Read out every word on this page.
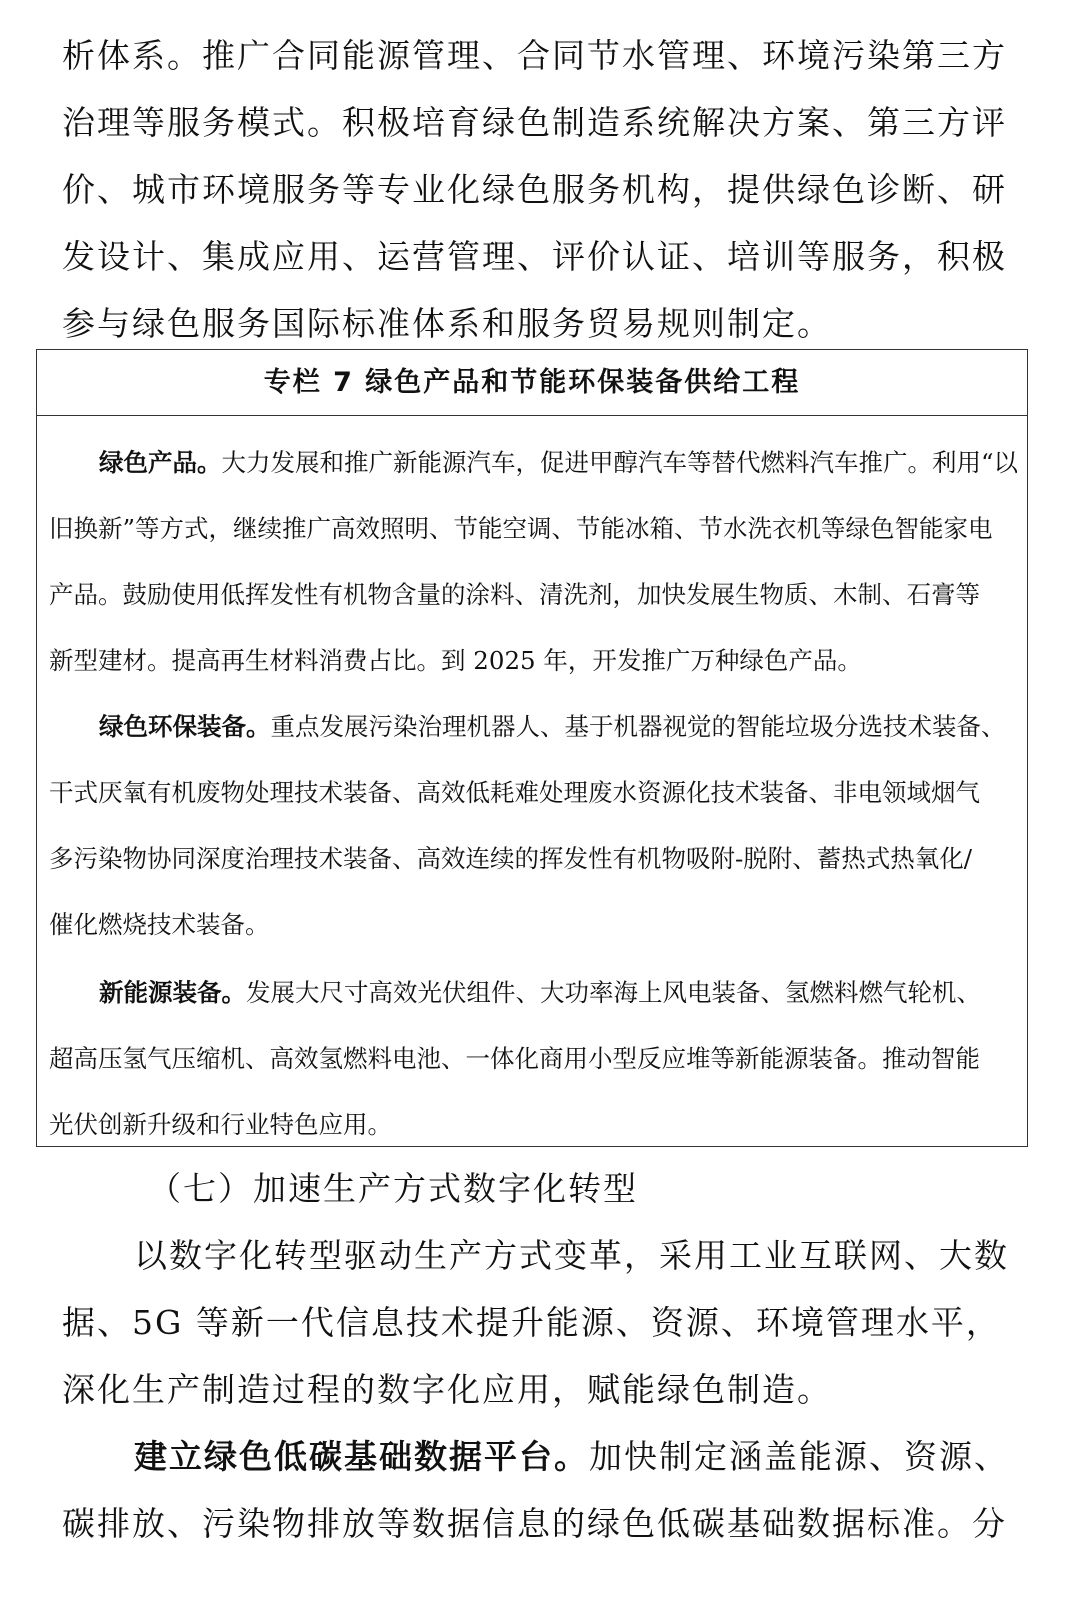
析体系。推广合同能源管理、合同节水管理、环境污染第三方
治理等服务模式。积极培育绿色制造系统解决方案、第三方评
价、城市环境服务等专业化绿色服务机构，提供绿色诊断、研
发设计、集成应用、运营管理、评价认证、培训等服务，积极
参与绿色服务国际标准体系和服务贸易规则制定。
专栏 7 绿色产品和节能环保装备供给工程
绿色产品。大力发展和推广新能源汽车，促进甲醇汽车等替代燃料汽车推广。利用“以
旧换新”等方式，继续推广高效照明、节能空调、节能冰箱、节水洗衣机等绿色智能家电
产品。鼓励使用低挥发性有机物含量的涂料、清洗剂，加快发展生物质、木制、石膏等
新型建材。提高再生材料消费占比。到 2025 年，开发推广万种绿色产品。
绿色环保装备。重点发展污染治理机器人、基于机器视觉的智能垃圾分选技术装备、
干式厌氧有机废物处理技术装备、高效低耗难处理废水资源化技术装备、非电领域烟气
多污染物协同深度治理技术装备、高效连续的挥发性有机物吸附-脱附、蓄热式热氧化/
催化燃烧技术装备。
新能源装备。发展大尺寸高效光伏组件、大功率海上风电装备、氢燃料燃气轮机、
超高压氢气压缩机、高效氢燃料电池、一体化商用小型反应堆等新能源装备。推动智能
光伏创新升级和行业特色应用。
（七）加速生产方式数字化转型
以数字化转型驱动生产方式变革，采用工业互联网、大数
据、5G 等新一代信息技术提升能源、资源、环境管理水平，
深化生产制造过程的数字化应用，赋能绿色制造。
建立绿色低碳基础数据平台。加快制定涵盖能源、资源、
碳排放、污染物排放等数据信息的绿色低碳基础数据标准。分
